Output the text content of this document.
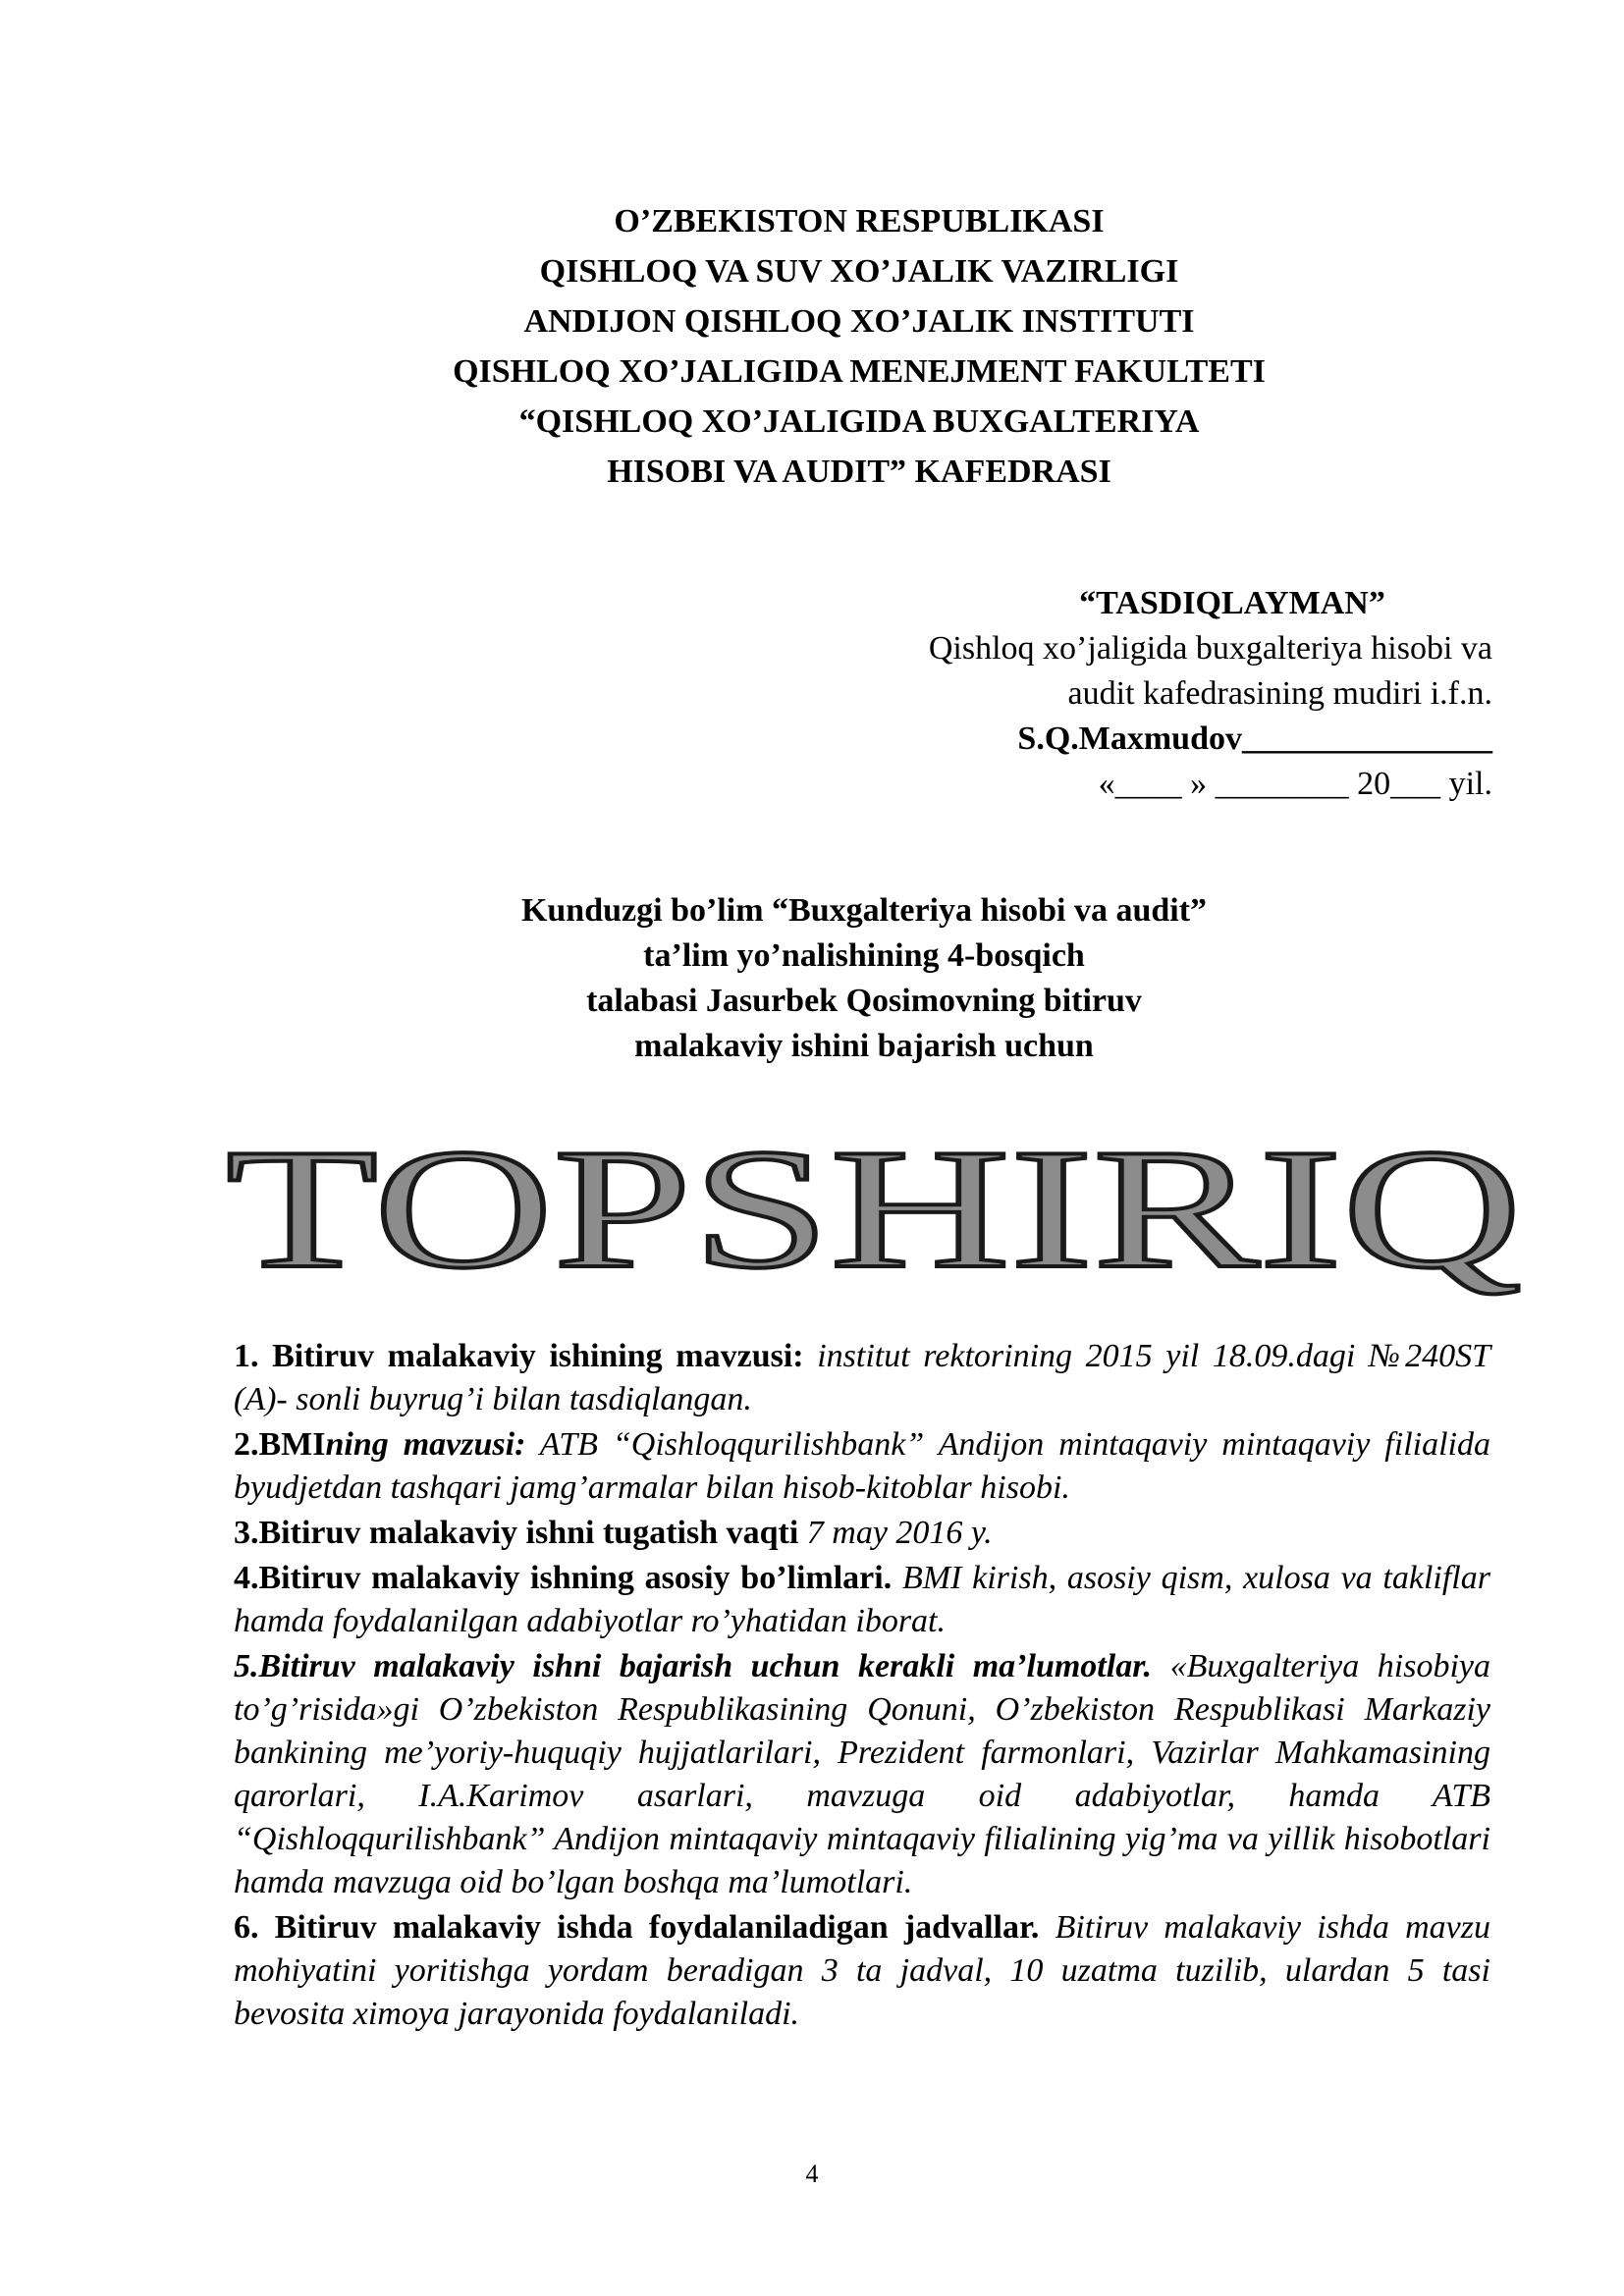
O’ZBEKISTON RESPUBLIKASI
QISHLOQ VA SUV XO’JALIK VAZIRLIGI
ANDIJON QISHLOQ XO’JALIK INSTITUTI
QISHLOQ XO’JALIGIDA MENEJMENT FAKULTETI
“QISHLOQ XO’JALIGIDA BUXGALTERIYA
HISOBI VA AUDIT” KAFEDRASI
“TASDIQLAYMAN”
Qishloq xo’jaligida buxgalteriya hisobi va
audit kafedrasining mudiri i.f.n.
S.Q.Maxmudov_______________
«____ » ________ 20___ yil.
Kunduzgi bo’lim “Buxgalteriya hisobi va audit”
ta’lim yo’nalishining 4-bosqich
talabasi Jasurbek Qosimovning bitiruv
malakaviy ishini bajarish uchun
TOPSHIRIQ

1. Bitiruv malakaviy ishining mavzusi: institut rektorining 2015 yil 18.09.dagi №240ST (A)- sonli buyrug’i bilan tasdiqlangan.

2.BMIning mavzusi: ATB “Qishloqqurilishbank” Andijon mintaqaviy mintaqaviy filialida byudjetdan tashqari jamg’armalar bilan hisob-kitoblar hisobi.

3.Bitiruv malakaviy ishni tugatish vaqti 7 may 2016 y.

4.Bitiruv malakaviy ishning asosiy bo’limlari. BMI kirish, asosiy qism, xulosa va takliflar hamda foydalanilgan adabiyotlar ro’yhatidan iborat.

5.Bitiruv malakaviy ishni bajarish uchun kerakli ma’lumotlar. «Buxgalteriya hisobiya to’g’risida»gi O’zbekiston Respublikasining Qonuni, O’zbekiston Respublikasi Markaziy bankining me’yoriy-huquqiy hujjatlarilari, Prezident farmonlari, Vazirlar Mahkamasining qarorlari, I.A.Karimov asarlari, mavzuga oid adabiyotlar, hamda ATB “Qishloqqurilishbank” Andijon mintaqaviy mintaqaviy filialining yig’ma va yillik hisobotlari hamda mavzuga oid bo’lgan boshqa ma’lumotlari.

6. Bitiruv malakaviy ishda foydalaniladigan jadvallar. Bitiruv malakaviy ishda mavzu mohiyatini yoritishga yordam beradigan 3 ta jadval, 10 uzatma tuzilib, ulardan 5 tasi bevosita ximoya jarayonida foydalaniladi.

4
